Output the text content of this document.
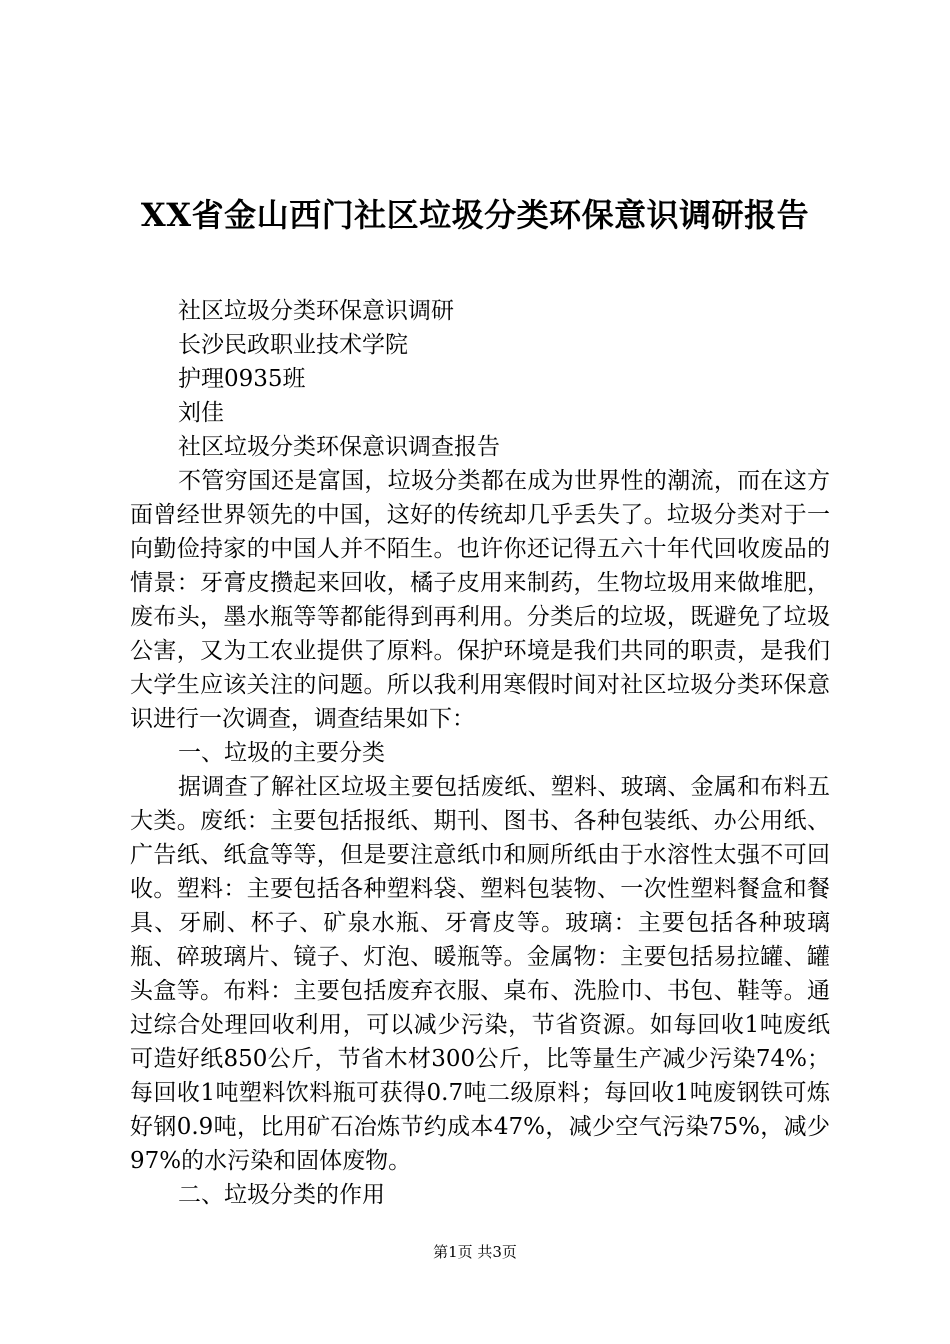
XX省金山西门社区垃圾分类环保意识调研报告

社区垃圾分类环保意识调研

长沙民政职业技术学院

护理0935班

刘佳

社区垃圾分类环保意识调查报告

不管穷国还是富国，垃圾分类都在成为世界性的潮流，而在这方面曾经世界领先的中国，这好的传统却几乎丢失了。垃圾分类对于一向勤俭持家的中国人并不陌生。也许你还记得五六十年代回收废品的情景：牙膏皮攒起来回收，橘子皮用来制药，生物垃圾用来做堆肥，废布头，墨水瓶等等都能得到再利用。分类后的垃圾，既避免了垃圾公害，又为工农业提供了原料。保护环境是我们共同的职责，是我们大学生应该关注的问题。所以我利用寒假时间对社区垃圾分类环保意识进行一次调查，调查结果如下：

一、垃圾的主要分类

据调查了解社区垃圾主要包括废纸、塑料、玻璃、金属和布料五大类。废纸：主要包括报纸、期刊、图书、各种包装纸、办公用纸、广告纸、纸盒等等，但是要注意纸巾和厕所纸由于水溶性太强不可回收。塑料：主要包括各种塑料袋、塑料包装物、一次性塑料餐盒和餐具、牙刷、杯子、矿泉水瓶、牙膏皮等。玻璃：主要包括各种玻璃瓶、碎玻璃片、镜子、灯泡、暖瓶等。金属物：主要包括易拉罐、罐头盒等。布料：主要包括废弃衣服、桌布、洗脸巾、书包、鞋等。通过综合处理回收利用，可以减少污染，节省资源。如每回收1吨废纸可造好纸850公斤，节省木材300公斤，比等量生产减少污染74%；每回收1吨塑料饮料瓶可获得0.7吨二级原料；每回收1吨废钢铁可炼好钢0.9吨，比用矿石冶炼节约成本47%，减少空气污染75%，减少97%的水污染和固体废物。

二、垃圾分类的作用

第1页 共3页
